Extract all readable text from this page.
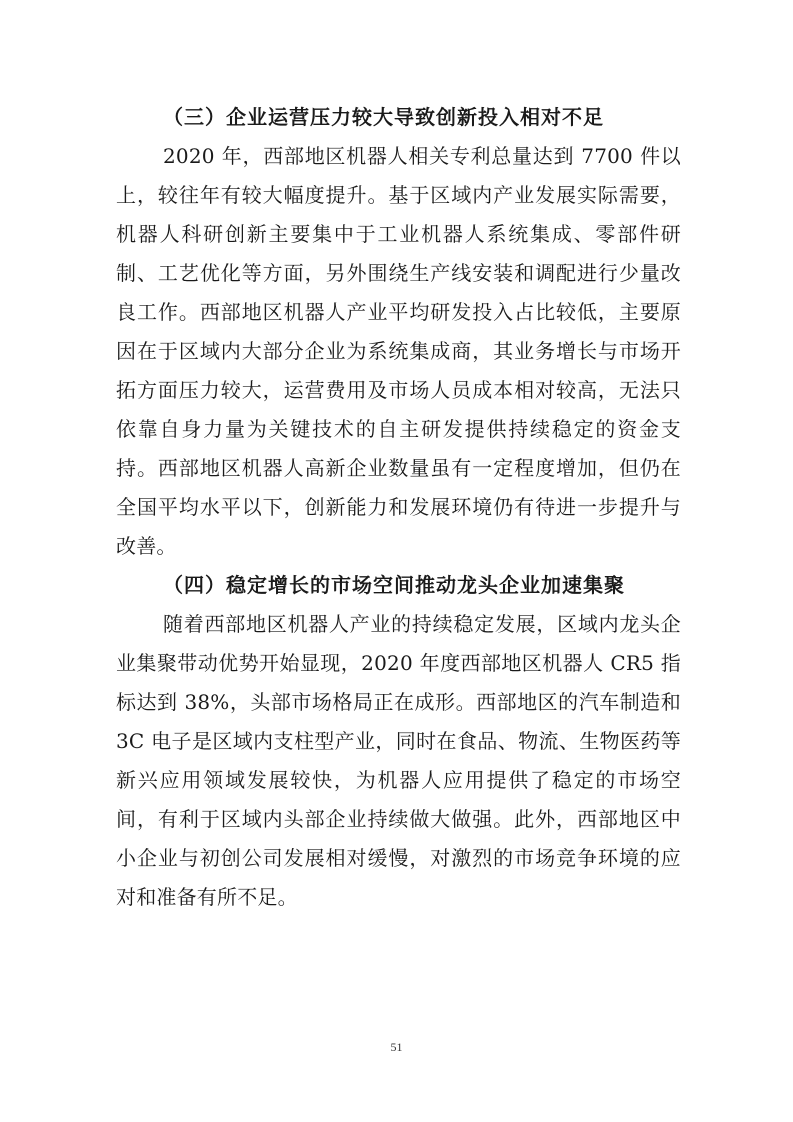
（三）企业运营压力较大导致创新投入相对不足

2020 年，西部地区机器人相关专利总量达到 7700 件以上，较往年有较大幅度提升。基于区域内产业发展实际需要，机器人科研创新主要集中于工业机器人系统集成、零部件研制、工艺优化等方面，另外围绕生产线安装和调配进行少量改良工作。西部地区机器人产业平均研发投入占比较低，主要原因在于区域内大部分企业为系统集成商，其业务增长与市场开拓方面压力较大，运营费用及市场人员成本相对较高，无法只依靠自身力量为关键技术的自主研发提供持续稳定的资金支持。西部地区机器人高新企业数量虽有一定程度增加，但仍在全国平均水平以下，创新能力和发展环境仍有待进一步提升与改善。

（四）稳定增长的市场空间推动龙头企业加速集聚

随着西部地区机器人产业的持续稳定发展，区域内龙头企业集聚带动优势开始显现，2020 年度西部地区机器人 CR5 指标达到 38%，头部市场格局正在成形。西部地区的汽车制造和 3C 电子是区域内支柱型产业，同时在食品、物流、生物医药等新兴应用领域发展较快，为机器人应用提供了稳定的市场空间，有利于区域内头部企业持续做大做强。此外，西部地区中小企业与初创公司发展相对缓慢，对激烈的市场竞争环境的应对和准备有所不足。

51
